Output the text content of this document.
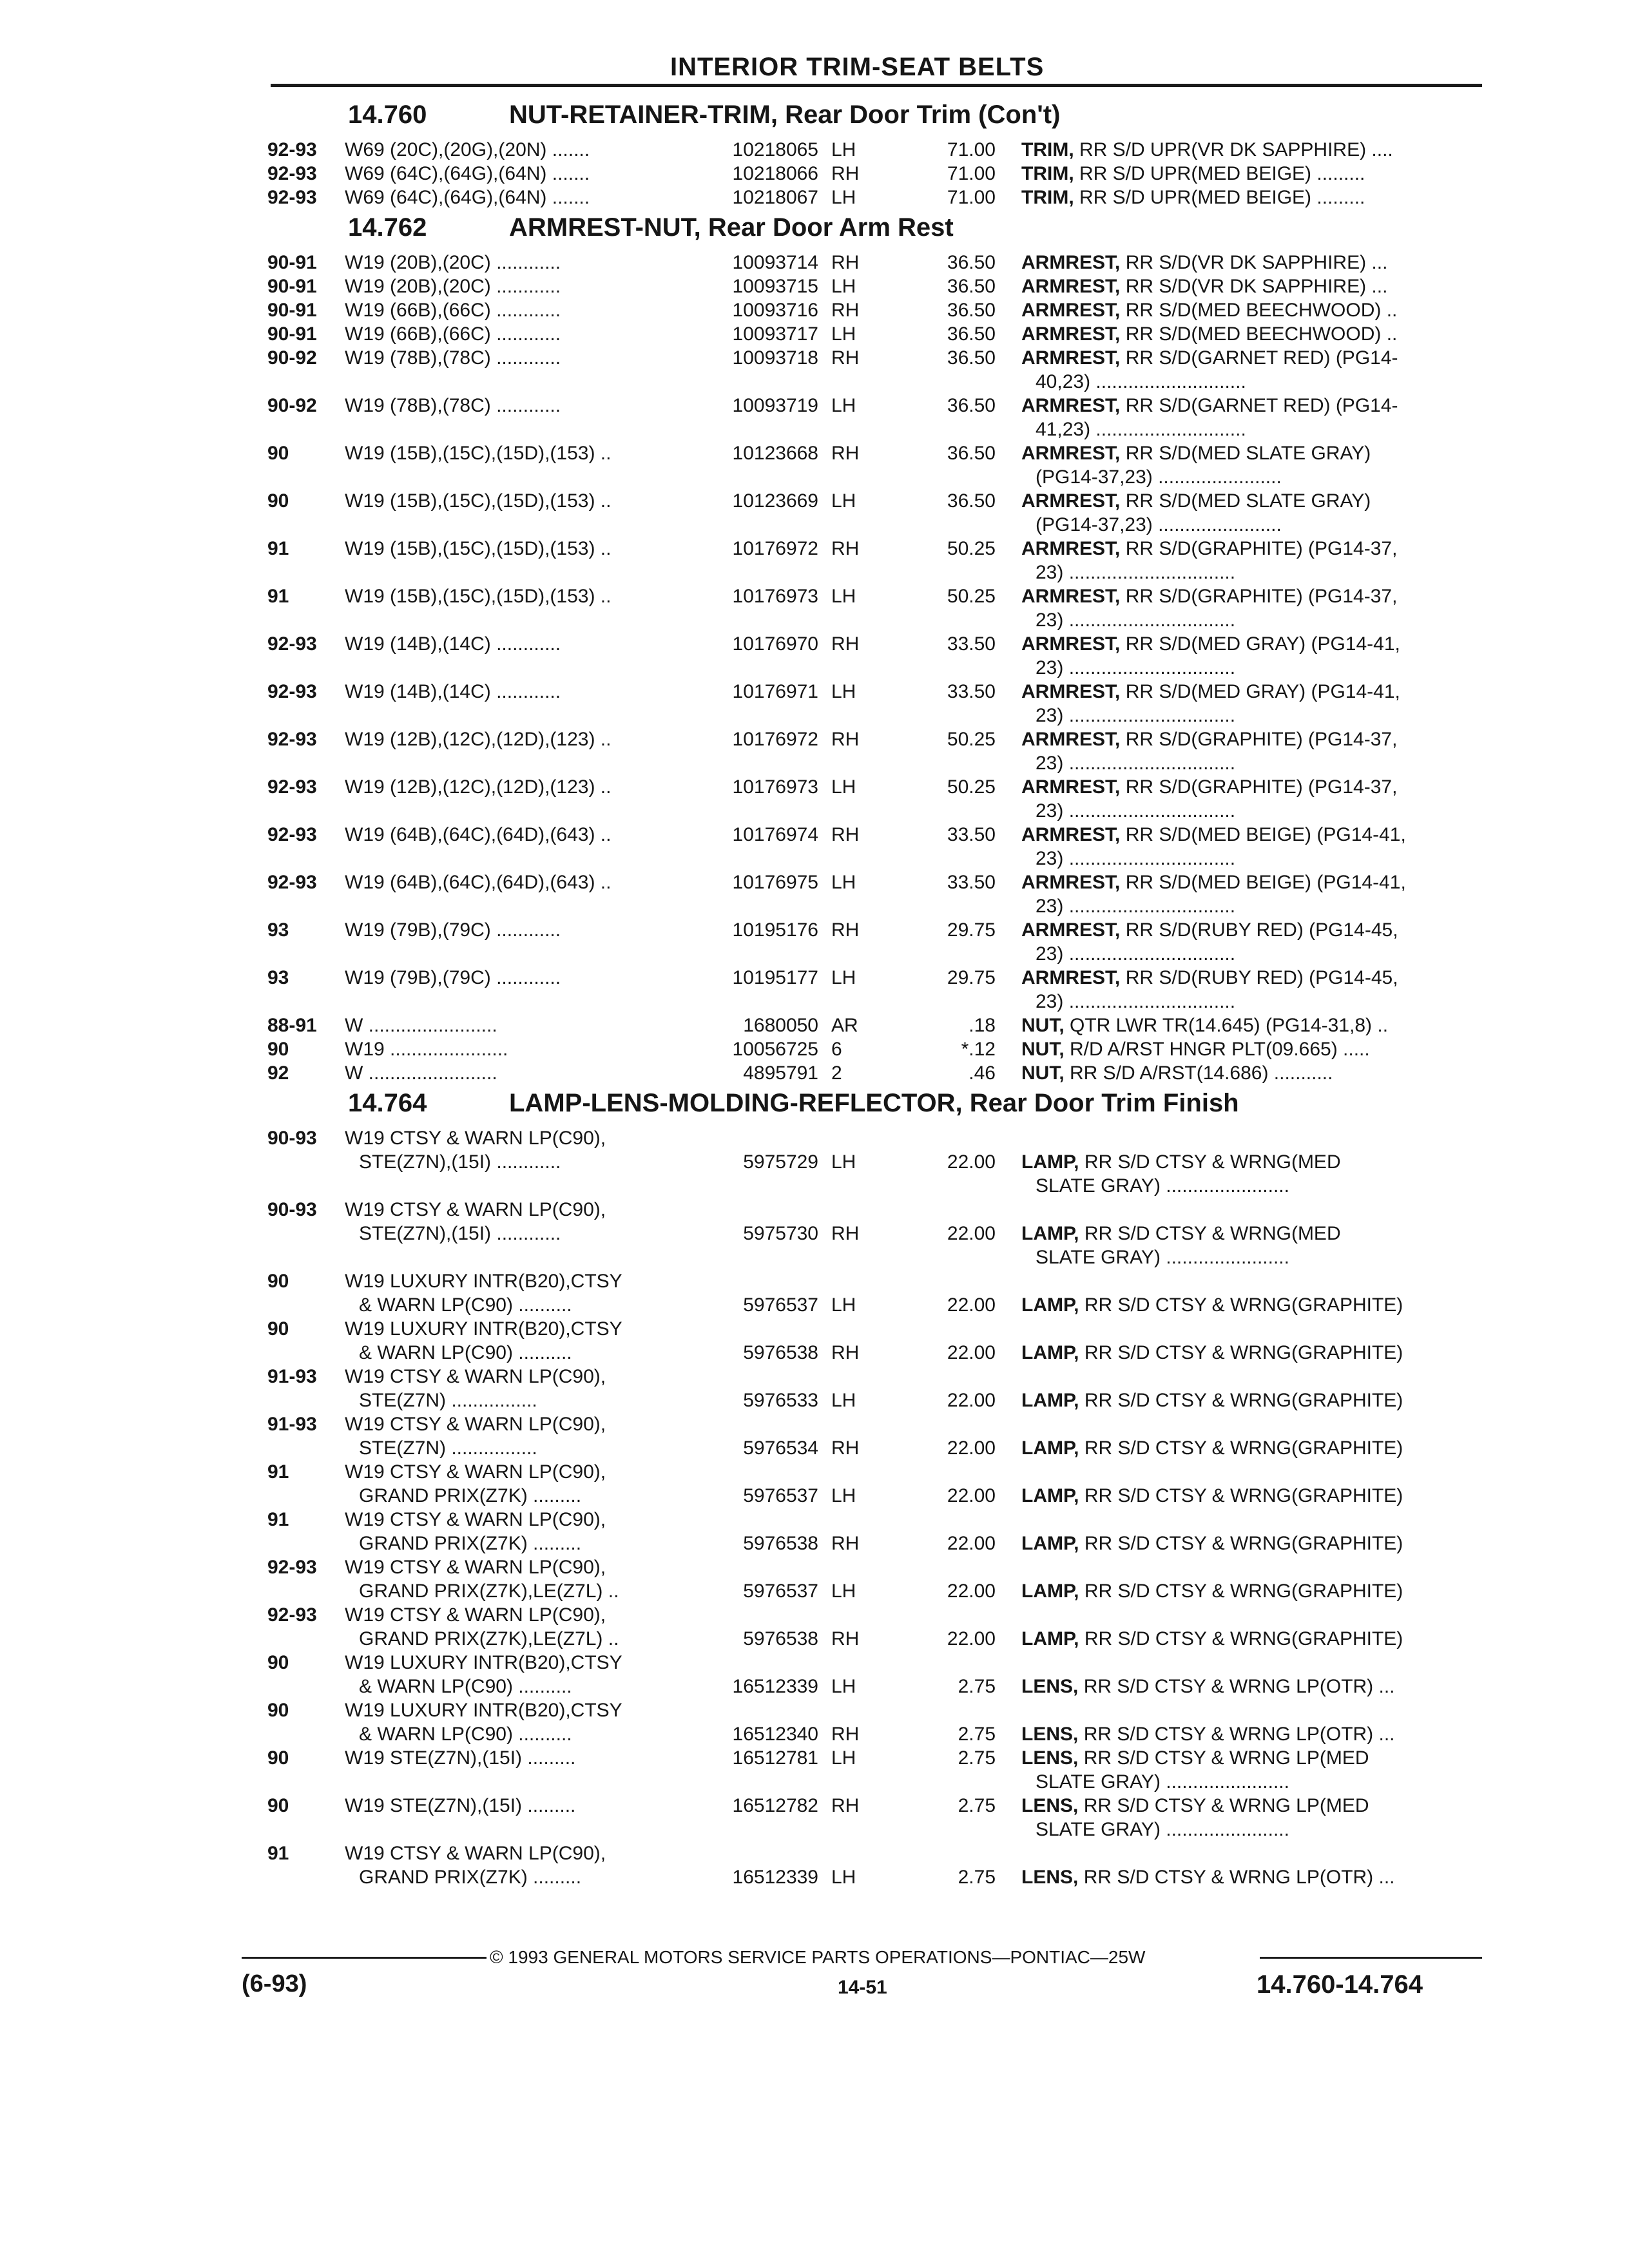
INTERIOR TRIM-SEAT BELTS
14.760	NUT-RETAINER-TRIM, Rear Door Trim (Con't)
92-93	W69 (20C),(20G),(20N) .......	10218065 LH	71.00 TRIM, RR S/D UPR(VR DK SAPPHIRE) ....
92-93	W69 (64C),(64G),(64N) .......	10218066 RH	71.00 TRIM, RR S/D UPR(MED BEIGE) .........
92-93	W69 (64C),(64G),(64N) .......	10218067 LH	71.00 TRIM, RR S/D UPR(MED BEIGE) .........
14.762	ARMREST-NUT, Rear Door Arm Rest
90-91	W19 (20B),(20C) ............	10093714 RH	36.50 ARMREST, RR S/D(VR DK SAPPHIRE) ...
90-91	W19 (20B),(20C) ............	10093715 LH	36.50 ARMREST, RR S/D(VR DK SAPPHIRE) ...
90-91	W19 (66B),(66C) ............	10093716 RH	36.50 ARMREST, RR S/D(MED BEECHWOOD) ..
90-91	W19 (66B),(66C) ............	10093717 LH	36.50 ARMREST, RR S/D(MED BEECHWOOD) ..
90-92	W19 (78B),(78C) ............	10093718 RH	36.50 ARMREST, RR S/D(GARNET RED) (PG14-
40,23) ............................
90-92	W19 (78B),(78C) ............	10093719 LH	36.50 ARMREST, RR S/D(GARNET RED) (PG14-
41,23) ............................
90	W19 (15B),(15C),(15D),(153) ..	10123668 RH	36.50 ARMREST, RR S/D(MED SLATE GRAY)
(PG14-37,23) .......................
90	W19 (15B),(15C),(15D),(153) ..	10123669 LH	36.50 ARMREST, RR S/D(MED SLATE GRAY)
(PG14-37,23) .......................
91	W19 (15B),(15C),(15D),(153) ..	10176972 RH	50.25 ARMREST, RR S/D(GRAPHITE) (PG14-37,
23) ...............................
91	W19 (15B),(15C),(15D),(153) ..	10176973 LH	50.25 ARMREST, RR S/D(GRAPHITE) (PG14-37,
23) ...............................
92-93	W19 (14B),(14C) ............	10176970 RH	33.50 ARMREST, RR S/D(MED GRAY) (PG14-41,
23) ...............................
92-93	W19 (14B),(14C) ............	10176971 LH	33.50 ARMREST, RR S/D(MED GRAY) (PG14-41,
23) ...............................
92-93	W19 (12B),(12C),(12D),(123) ..	10176972 RH	50.25 ARMREST, RR S/D(GRAPHITE) (PG14-37,
23) ...............................
92-93	W19 (12B),(12C),(12D),(123) ..	10176973 LH	50.25 ARMREST, RR S/D(GRAPHITE) (PG14-37,
23) ...............................
92-93	W19 (64B),(64C),(64D),(643) ..	10176974 RH	33.50 ARMREST, RR S/D(MED BEIGE) (PG14-41,
23) ...............................
92-93	W19 (64B),(64C),(64D),(643) ..	10176975 LH	33.50 ARMREST, RR S/D(MED BEIGE) (PG14-41,
23) ...............................
93	W19 (79B),(79C) ............	10195176 RH	29.75 ARMREST, RR S/D(RUBY RED) (PG14-45,
23) ...............................
93	W19 (79B),(79C) ............	10195177 LH	29.75 ARMREST, RR S/D(RUBY RED) (PG14-45,
23) ...............................
88-91	W ........................	1680050 AR	.18 NUT, QTR LWR TR(14.645) (PG14-31,8) ..
90	W19 ......................	10056725 6	*.12 NUT, R/D A/RST HNGR PLT(09.665) .....
92	W ........................	4895791 2	.46 NUT, RR S/D A/RST(14.686) ...........
14.764	LAMP-LENS-MOLDING-REFLECTOR, Rear Door Trim Finish
90-93	W19 CTSY & WARN LP(C90),
STE(Z7N),(15I) ............	5975729 LH	22.00 LAMP, RR S/D CTSY & WRNG(MED
SLATE GRAY) .......................
90-93	W19 CTSY & WARN LP(C90),
STE(Z7N),(15I) ............	5975730 RH	22.00 LAMP, RR S/D CTSY & WRNG(MED
SLATE GRAY) .......................
90	W19 LUXURY INTR(B20),CTSY
& WARN LP(C90) ..........	5976537 LH	22.00 LAMP, RR S/D CTSY & WRNG(GRAPHITE)
90	W19 LUXURY INTR(B20),CTSY
& WARN LP(C90) ..........	5976538 RH	22.00 LAMP, RR S/D CTSY & WRNG(GRAPHITE)
91-93	W19 CTSY & WARN LP(C90),
STE(Z7N) ................	5976533 LH	22.00 LAMP, RR S/D CTSY & WRNG(GRAPHITE)
91-93	W19 CTSY & WARN LP(C90),
STE(Z7N) ................	5976534 RH	22.00 LAMP, RR S/D CTSY & WRNG(GRAPHITE)
91	W19 CTSY & WARN LP(C90),
GRAND PRIX(Z7K) .........	5976537 LH	22.00 LAMP, RR S/D CTSY & WRNG(GRAPHITE)
91	W19 CTSY & WARN LP(C90),
GRAND PRIX(Z7K) .........	5976538 RH	22.00 LAMP, RR S/D CTSY & WRNG(GRAPHITE)
92-93	W19 CTSY & WARN LP(C90),
GRAND PRIX(Z7K),LE(Z7L) ..	5976537 LH	22.00 LAMP, RR S/D CTSY & WRNG(GRAPHITE)
92-93	W19 CTSY & WARN LP(C90),
GRAND PRIX(Z7K),LE(Z7L) ..	5976538 RH	22.00 LAMP, RR S/D CTSY & WRNG(GRAPHITE)
90	W19 LUXURY INTR(B20),CTSY
& WARN LP(C90) ..........	16512339 LH	2.75 LENS, RR S/D CTSY & WRNG LP(OTR) ...
90	W19 LUXURY INTR(B20),CTSY
& WARN LP(C90) ..........	16512340 RH	2.75 LENS, RR S/D CTSY & WRNG LP(OTR) ...
90	W19 STE(Z7N),(15I) .........	16512781 LH	2.75 LENS, RR S/D CTSY & WRNG LP(MED
SLATE GRAY) .......................
90	W19 STE(Z7N),(15I) .........	16512782 RH	2.75 LENS, RR S/D CTSY & WRNG LP(MED
SLATE GRAY) .......................
91	W19 CTSY & WARN LP(C90),
GRAND PRIX(Z7K) .........	16512339 LH	2.75 LENS, RR S/D CTSY & WRNG LP(OTR) ...
© 1993 GENERAL MOTORS SERVICE PARTS OPERATIONS—PONTIAC—25W
(6-93)	14-51	14.760-14.764
